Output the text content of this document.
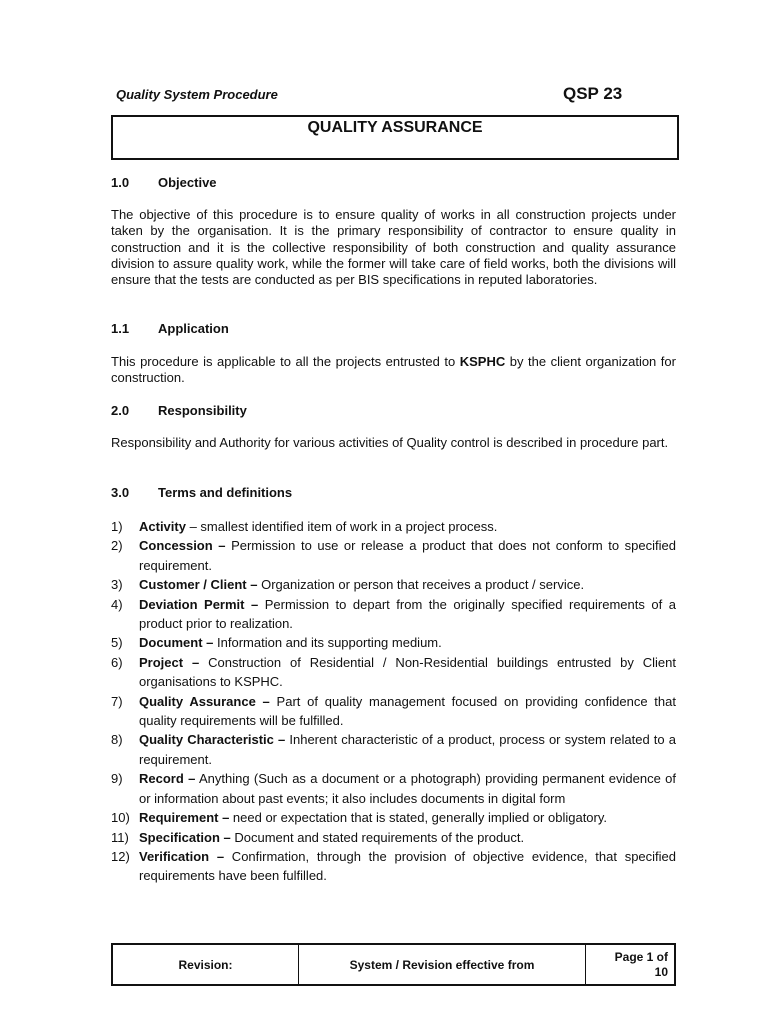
Quality System Procedure	QSP 23
QUALITY ASSURANCE
1.0 Objective
The objective of this procedure is to ensure quality of works in all construction projects under taken by the organisation. It is the primary responsibility of contractor to ensure quality in construction and it is the collective responsibility of both construction and quality assurance division to assure quality work, while the former will take care of field works, both the divisions will ensure that the tests are conducted as per BIS specifications in reputed laboratories.
1.1 Application
This procedure is applicable to all the projects entrusted to KSPHC by the client organization for construction.
2.0 Responsibility
Responsibility and Authority for various activities of Quality control is described in procedure part.
3.0 Terms and definitions
1)	Activity – smallest identified item of work in a project process.
2)	Concession – Permission to use or release a product that does not conform to specified requirement.
3)	Customer / Client – Organization or person that receives a product / service.
4)	Deviation Permit – Permission to depart from the originally specified requirements of a product prior to realization.
5)	Document – Information and its supporting medium.
6)	Project – Construction of Residential / Non-Residential buildings entrusted by Client organisations to KSPHC.
7)	Quality Assurance – Part of quality management focused on providing confidence that quality requirements will be fulfilled.
8)	Quality Characteristic – Inherent characteristic of a product, process or system related to a requirement.
9)	Record – Anything (Such as a document or a photograph) providing permanent evidence of or information about past events; it also includes documents in digital form
10) Requirement – need or expectation that is stated, generally implied or obligatory.
11) Specification – Document and stated requirements of the product.
12) Verification – Confirmation, through the provision of objective evidence, that specified requirements have been fulfilled.
Revision:	System / Revision effective from
Page 1 of
10
